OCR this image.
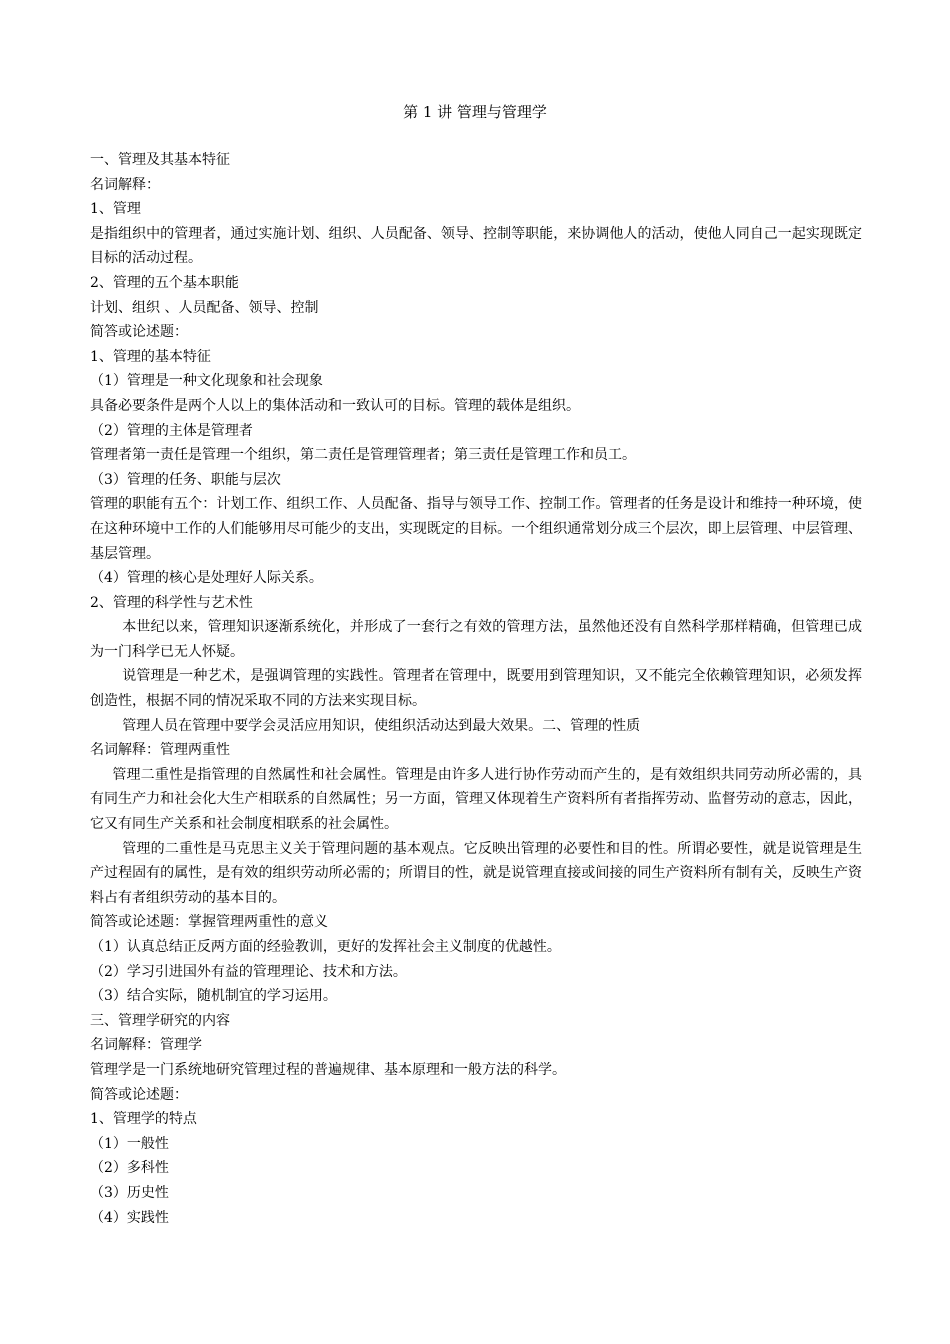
第 1 讲 管理与管理学
一、管理及其基本特征
名词解释：
1、管理
是指组织中的管理者，通过实施计划、组织、人员配备、领导、控制等职能，来协调他人的活动，使他人同自己一起实现既定目标的活动过程。
2、管理的五个基本职能
计划、组织 、人员配备、领导、控制
简答或论述题：
1、管理的基本特征
（1）管理是一种文化现象和社会现象
具备必要条件是两个人以上的集体活动和一致认可的目标。管理的载体是组织。
（2）管理的主体是管理者
管理者第一责任是管理一个组织，第二责任是管理管理者；第三责任是管理工作和员工。
（3）管理的任务、职能与层次
管理的职能有五个：计划工作、组织工作、人员配备、指导与领导工作、控制工作。管理者的任务是设计和维持一种环境，使在这种环境中工作的人们能够用尽可能少的支出，实现既定的目标。一个组织通常划分成三个层次，即上层管理、中层管理、基层管理。
（4）管理的核心是处理好人际关系。
2、管理的科学性与艺术性
本世纪以来，管理知识逐渐系统化，并形成了一套行之有效的管理方法，虽然他还没有自然科学那样精确，但管理已成为一门科学已无人怀疑。
说管理是一种艺术，是强调管理的实践性。管理者在管理中，既要用到管理知识，又不能完全依赖管理知识，必须发挥创造性，根据不同的情况采取不同的方法来实现目标。
管理人员在管理中要学会灵活应用知识，使组织活动达到最大效果。二、管理的性质
名词解释：管理两重性
管理二重性是指管理的自然属性和社会属性。管理是由许多人进行协作劳动而产生的，是有效组织共同劳动所必需的，具有同生产力和社会化大生产相联系的自然属性；另一方面，管理又体现着生产资料所有者指挥劳动、监督劳动的意志，因此，它又有同生产关系和社会制度相联系的社会属性。
管理的二重性是马克思主义关于管理问题的基本观点。它反映出管理的必要性和目的性。所谓必要性，就是说管理是生产过程固有的属性，是有效的组织劳动所必需的；所谓目的性，就是说管理直接或间接的同生产资料所有制有关，反映生产资料占有者组织劳动的基本目的。
简答或论述题：掌握管理两重性的意义
（1）认真总结正反两方面的经验教训，更好的发挥社会主义制度的优越性。
（2）学习引进国外有益的管理理论、技术和方法。
（3）结合实际，随机制宜的学习运用。
三、管理学研究的内容
名词解释：管理学
管理学是一门系统地研究管理过程的普遍规律、基本原理和一般方法的科学。
简答或论述题：
1、管理学的特点
（1）一般性
（2）多科性
（3）历史性
（4）实践性
